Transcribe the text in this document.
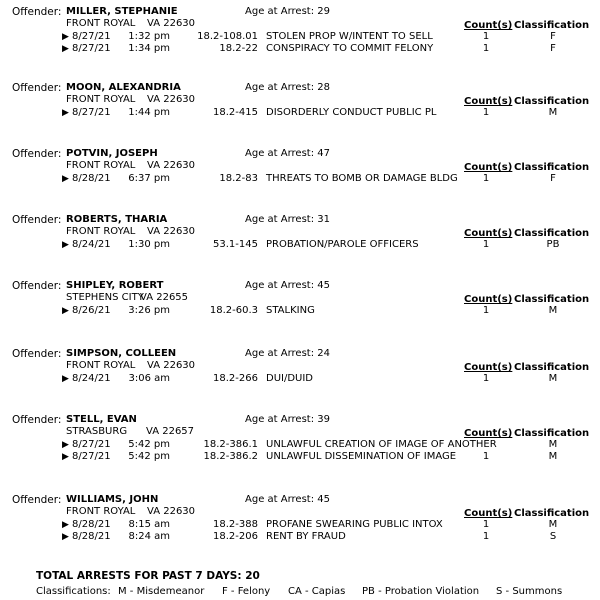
Offender: MILLER, STEPHANIE
FRONT ROYAL VA 22630
Age at Arrest: 29
Count(s) Classification
▶ 8/27/21 1:32 pm	18.2-108.01 STOLEN PROP W/INTENT TO SELL	1	F
▶ 8/27/21 1:34 pm	18.2-22 CONSPIRACY TO COMMIT FELONY	1	F
Offender: MOON, ALEXANDRIA
FRONT ROYAL VA 22630
Age at Arrest: 28
Count(s) Classification
▶ 8/27/21 1:44 pm	18.2-415 DISORDERLY CONDUCT PUBLIC PL	1	M
Offender: POTVIN, JOSEPH
FRONT ROYAL VA 22630
Age at Arrest: 47
Count(s) Classification
▶ 8/28/21 6:37 pm	18.2-83 THREATS TO BOMB OR DAMAGE BLDG	1	F
Offender: ROBERTS, THARIA
FRONT ROYAL VA 22630
Age at Arrest: 31
Count(s) Classification
▶ 8/24/21 1:30 pm	53.1-145 PROBATION/PAROLE OFFICERS	1	PB
Offender: SHIPLEY, ROBERT
STEPHENS CITY
VA 22655
Age at Arrest: 45
Count(s) Classification
▶ 8/26/21 3:26 pm	18.2-60.3 STALKING	1	M
Offender: SIMPSON, COLLEEN
FRONT ROYAL VA 22630
Age at Arrest: 24
Count(s) Classification
▶ 8/24/21 3:06 am	18.2-266 DUI/DUID	1	M
Offender: STELL, EVAN
STRASBURG VA 22657
Age at Arrest: 39
Count(s) Classification
▶ 8/27/21 5:42 pm	18.2-386.1 UNLAWFUL CREATION OF IMAGE OF ANOTHER	M
▶ 8/27/21 5:42 pm	18.2-386.2 UNLAWFUL DISSEMINATION OF IMAGE	1	M
Offender: WILLIAMS, JOHN
FRONT ROYAL VA 22630
Age at Arrest: 45
Count(s) Classification
▶ 8/28/21 8:15 am	18.2-388 PROFANE SWEARING PUBLIC INTOX	1	M
▶ 8/28/21 8:24 am	18.2-206 RENT BY FRAUD	1	S
TOTAL ARRESTS FOR PAST 7 DAYS: 20
Classifications: M - Misdemeanor F - Felony CA - Capias PB - Probation Violation S - Summons
